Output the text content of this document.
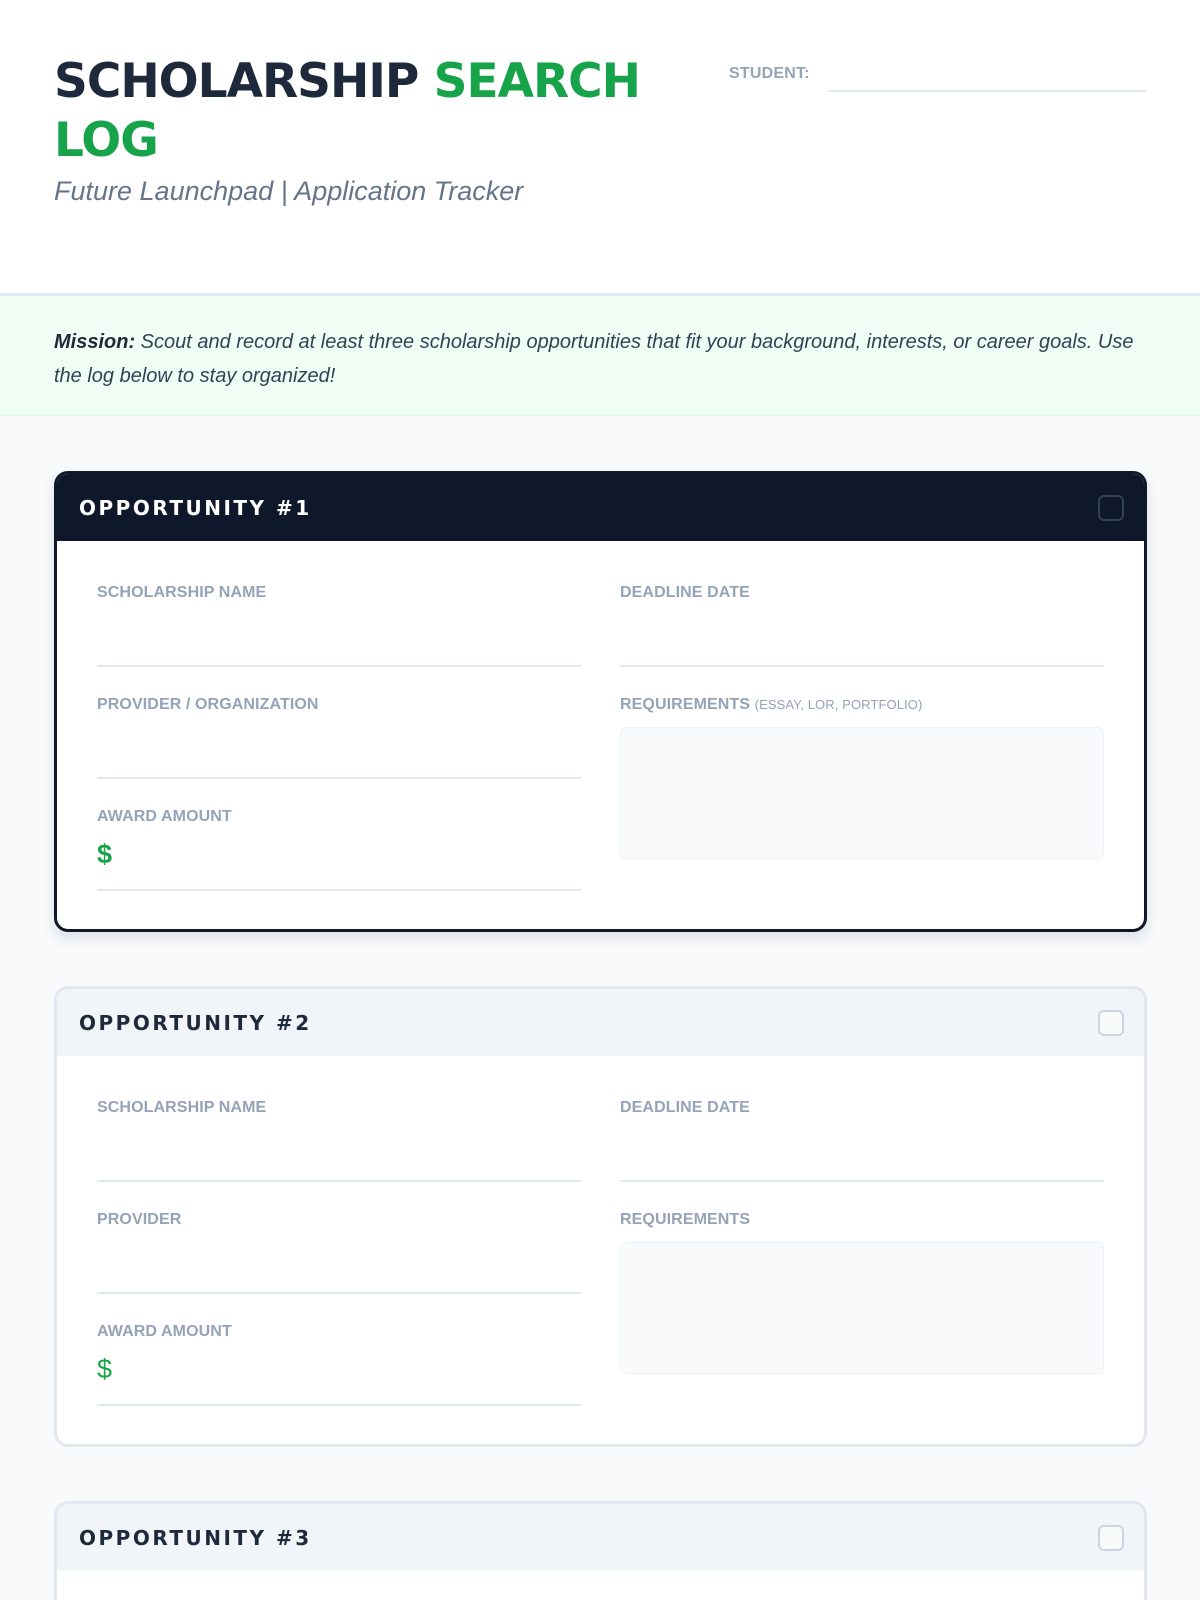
SCHOLARSHIP SEARCH LOG
Future Launchpad | Application Tracker
STUDENT:
Mission: Scout and record at least three scholarship opportunities that fit your background, interests, or career goals. Use the log below to stay organized!
OPPORTUNITY #1
SCHOLARSHIP NAME	DEADLINE DATE
PROVIDER / ORGANIZATION	REQUIREMENTS (ESSAY, LOR, PORTFOLIO)
AWARD AMOUNT
$
OPPORTUNITY #2
SCHOLARSHIP NAME	DEADLINE DATE
PROVIDER	REQUIREMENTS
AWARD AMOUNT
$
OPPORTUNITY #3
